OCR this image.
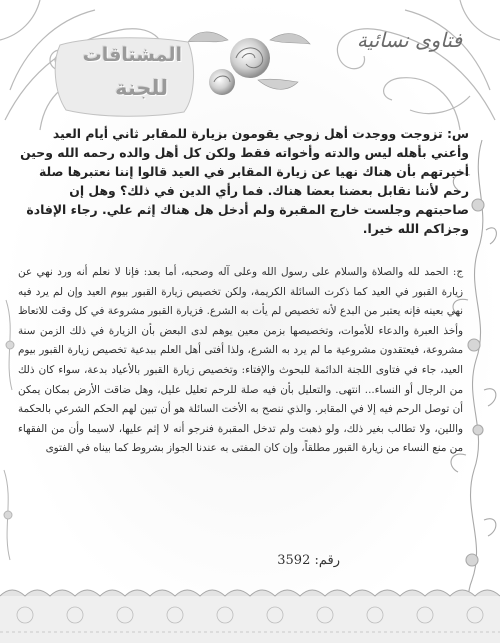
فتاوى نسائية
المشتاقات
للجنة
س: تزوجت ووجدت أهل زوجي يقومون بزيارة للمقابر ثاني أيام العيد وأعني بأهله ليس والدته وأخواته فقط ولكن كل أهل والده رحمه الله وحين أخبرتهم بأن هناك نهيا عن زيارة المقابر في العيد قالوا إننا نعتبرها صلة رحم لأننا نقابل بعضنا بعضا هناك. فما رأي الدين في ذلك؟ وهل إن صاحبتهم وجلست خارج المقبرة ولم أدخل هل هناك إثم علي. رجاء الإفادة وجزاكم الله خيرا.

ج: الحمد لله والصلاة والسلام على رسول الله وعلى آله وصحبه، أما بعد: فإنا لا نعلم أنه ورد نهي عن زيارة القبور في العيد كما ذكرت السائلة الكريمة، ولكن تخصيص زيارة القبور بيوم العيد وإن لم يرد فيه نهي بعينه فإنه يعتبر من البدع لأنه تخصيص لم يأت به الشرع. فزيارة القبور مشروعة في كل وقت للاتعاظ وأخذ العبرة والدعاء للأموات، وتخصيصها بزمن معين يوهم لدى البعض بأن الزيارة في ذلك الزمن سنة مشروعة، فيعتقدون مشروعية ما لم يرد به الشرع، ولذا أفتى أهل العلم ببدعية تخصيص زيارة القبور بيوم العيد، جاء في فتاوى اللجنة الدائمة للبحوث والإفتاء: وتخصيص زيارة القبور بالأعياد بدعة، سواء كان ذلك من الرجال أو النساء... انتهى. والتعليل بأن فيه صلة للرحم تعليل عليل، وهل ضاقت الأرض بمكان يمكن أن توصل الرحم فيه إلا في المقابر. والذي ننصح به الأخت السائلة هو أن تبين لهم الحكم الشرعي بالحكمة واللين، ولا تطالب بغير ذلك، ولو ذهبت ولم تدخل المقبرة فنرجو أنه لا إثم عليها، لاسيما وأن من الفقهاء من منع النساء من زيارة القبور مطلقاً، وإن كان المفتى به عندنا الجواز بشروط كما بيناه في الفتوى

رقم: 3592
